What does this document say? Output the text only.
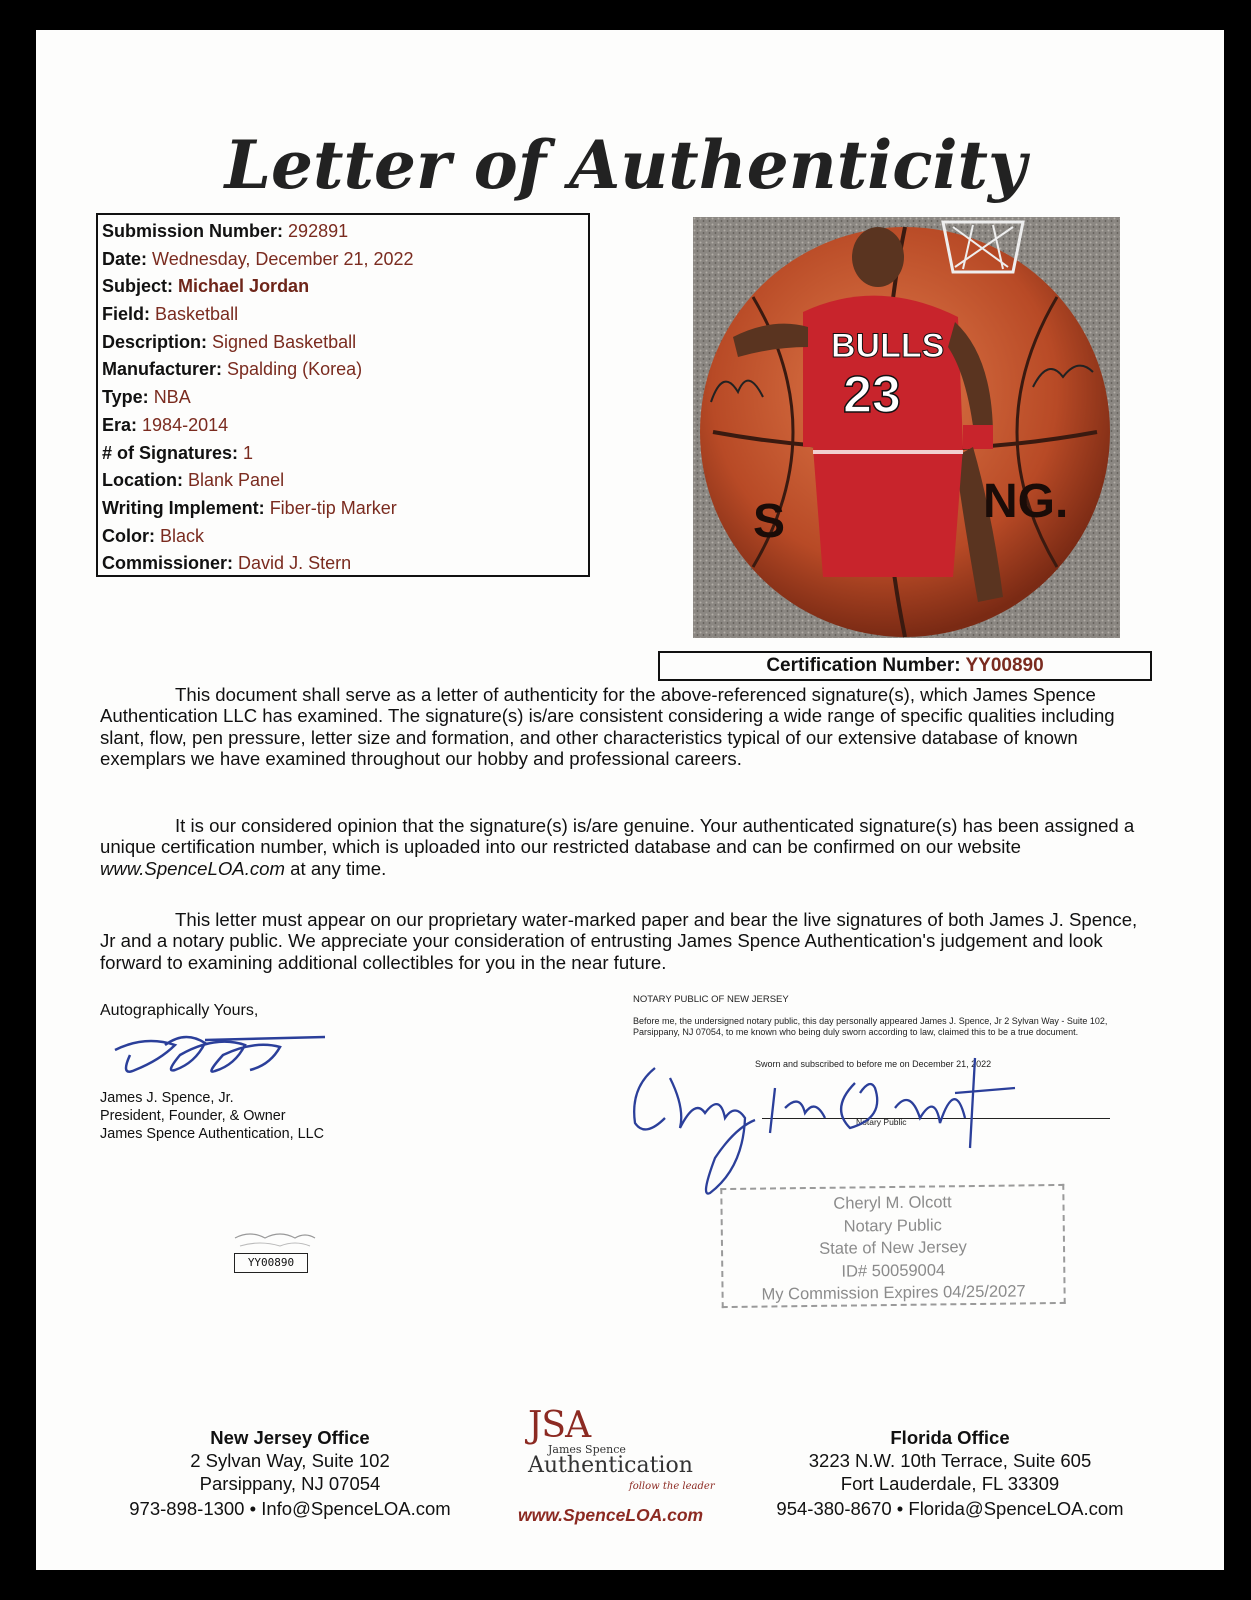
Letter of Authenticity
Submission Number: 292891
Date: Wednesday, December 21, 2022
Subject: Michael Jordan
Field: Basketball
Description: Signed Basketball
Manufacturer: Spalding (Korea)
Type: NBA
Era: 1984-2014
# of Signatures: 1
Location: Blank Panel
Writing Implement: Fiber-tip Marker
Color: Black
Commissioner: David J. Stern
BULLS
23
S	NG.
Certification Number: YY00890

This document shall serve as a letter of authenticity for the above-referenced signature(s), which James Spence Authentication LLC has examined. The signature(s) is/are consistent considering a wide range of specific qualities including slant, flow, pen pressure, letter size and formation, and other characteristics typical of our extensive database of known exemplars we have examined throughout our hobby and professional careers.

It is our considered opinion that the signature(s) is/are genuine. Your authenticated signature(s) has been assigned a unique certification number, which is uploaded into our restricted database and can be confirmed on our website www.SpenceLOA.com at any time.

This letter must appear on our proprietary water-marked paper and bear the live signatures of both James J. Spence, Jr and a notary public. We appreciate your consideration of entrusting James Spence Authentication's judgement and look forward to examining additional collectibles for you in the near future.

Autographically Yours,
James J. Spence, Jr.
President, Founder, & Owner
James Spence Authentication, LLC
YY00890
NOTARY PUBLIC OF NEW JERSEY
Before me, the undersigned notary public, this day personally appeared James J. Spence, Jr 2 Sylvan Way - Suite 102, Parsippany, NJ 07054, to me known who being duly sworn according to law, claimed this to be a true document.
Sworn and subscribed to before me on December 21, 2022
Notary Public
Cheryl M. Olcott
Notary Public
State of New Jersey
ID# 50059004
My Commission Expires 04/25/2027
New Jersey Office
2 Sylvan Way, Suite 102
Parsippany, NJ 07054
973-898-1300 • Info@SpenceLOA.com
Florida Office
3223 N.W. 10th Terrace, Suite 605
Fort Lauderdale, FL 33309
954-380-8670 • Florida@SpenceLOA.com
JSA
James Spence
Authentication
follow the leader
www.SpenceLOA.com
